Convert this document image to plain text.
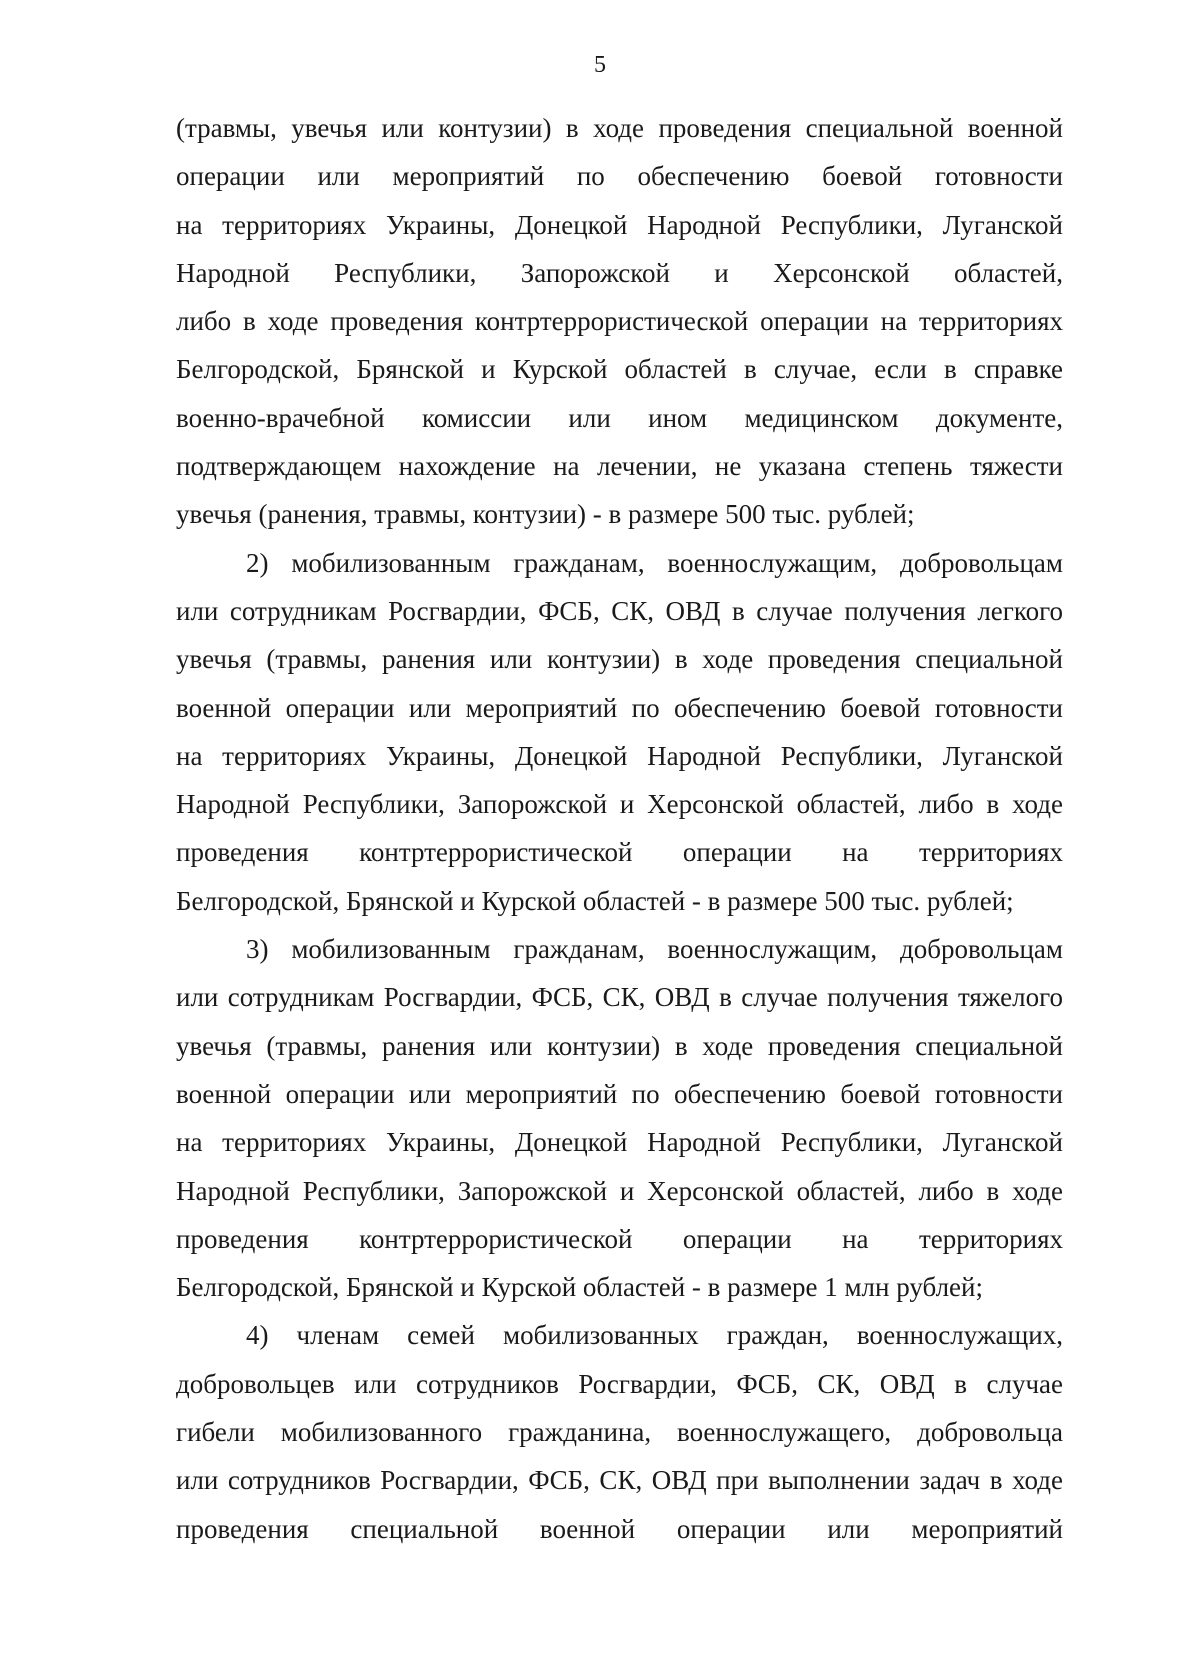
5

(травмы, увечья или контузии) в ходе проведения специальной военной
операции или мероприятий по обеспечению боевой готовности
на территориях Украины, Донецкой Народной Республики, Луганской
Народной Республики, Запорожской и Херсонской областей,
либо в ходе проведения контртеррористической операции на территориях
Белгородской, Брянской и Курской областей в случае, если в справке
военно-врачебной комиссии или ином медицинском документе,
подтверждающем нахождение на лечении, не указана степень тяжести
увечья (ранения, травмы, контузии) - в размере 500 тыс. рублей;

2) мобилизованным гражданам, военнослужащим, добровольцам
или сотрудникам Росгвардии, ФСБ, СК, ОВД в случае получения легкого
увечья (травмы, ранения или контузии) в ходе проведения специальной
военной операции или мероприятий по обеспечению боевой готовности
на территориях Украины, Донецкой Народной Республики, Луганской
Народной Республики, Запорожской и Херсонской областей, либо в ходе
проведения контртеррористической операции на территориях
Белгородской, Брянской и Курской областей - в размере 500 тыс. рублей;

3) мобилизованным гражданам, военнослужащим, добровольцам
или сотрудникам Росгвардии, ФСБ, СК, ОВД в случае получения тяжелого
увечья (травмы, ранения или контузии) в ходе проведения специальной
военной операции или мероприятий по обеспечению боевой готовности
на территориях Украины, Донецкой Народной Республики, Луганской
Народной Республики, Запорожской и Херсонской областей, либо в ходе
проведения контртеррористической операции на территориях
Белгородской, Брянской и Курской областей - в размере 1 млн рублей;

4) членам семей мобилизованных граждан, военнослужащих,
добровольцев или сотрудников Росгвардии, ФСБ, СК, ОВД в случае
гибели мобилизованного гражданина, военнослужащего, добровольца
или сотрудников Росгвардии, ФСБ, СК, ОВД при выполнении задач в ходе
проведения специальной военной операции или мероприятий
